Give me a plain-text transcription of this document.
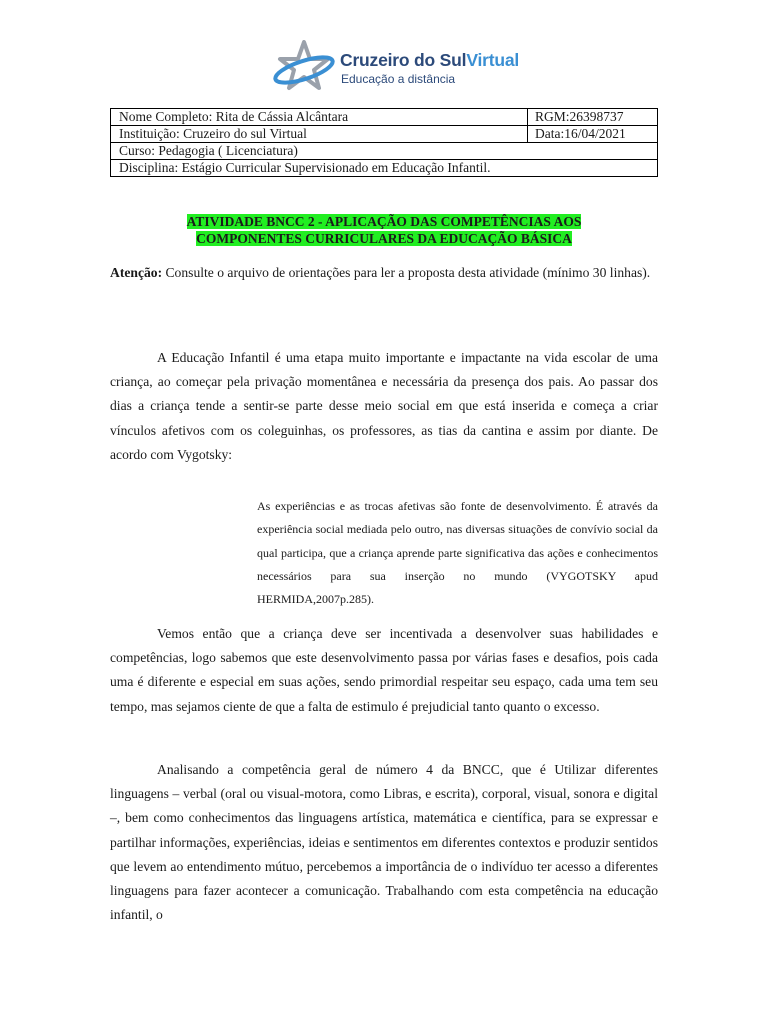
Cruzeiro do SulVirtual
Educação a distância
Nome Completo: Rita de Cássia Alcântara	RGM:26398737
Instituição: Cruzeiro do sul Virtual	Data:16/04/2021
Curso: Pedagogia ( Licenciatura)	
Disciplina: Estágio Curricular Supervisionado em Educação Infantil.	
ATIVIDADE BNCC 2 - APLICAÇÃO DAS COMPETÊNCIAS AOS
COMPONENTES CURRICULARES DA EDUCAÇÃO BÁSICA
Atenção: Consulte o arquivo de orientações para ler a proposta desta atividade (mínimo 30 linhas).
A Educação Infantil é uma etapa muito importante e impactante na vida escolar de uma criança, ao começar pela privação momentânea e necessária da presença dos pais. Ao passar dos dias a criança tende a sentir-se parte desse meio social em que está inserida e começa a criar vínculos afetivos com os coleguinhas, os professores, as tias da cantina e assim por diante. De acordo com Vygotsky:
As experiências e as trocas afetivas são fonte de desenvolvimento. É através da experiência social mediada pelo outro, nas diversas situações de convívio social da qual participa, que a criança aprende parte significativa das ações e conhecimentos necessários para sua inserção no mundo (VYGOTSKY apud HERMIDA,2007p.285).
Vemos então que a criança deve ser incentivada a desenvolver suas habilidades e competências, logo sabemos que este desenvolvimento passa por várias fases e desafios, pois cada uma é diferente e especial em suas ações, sendo primordial respeitar seu espaço, cada uma tem seu tempo, mas sejamos ciente de que a falta de estimulo é prejudicial tanto quanto o excesso.
Analisando a competência geral de número 4 da BNCC, que é Utilizar diferentes linguagens – verbal (oral ou visual-motora, como Libras, e escrita), corporal, visual, sonora e digital –, bem como conhecimentos das linguagens artística, matemática e científica, para se expressar e partilhar informações, experiências, ideias e sentimentos em diferentes contextos e produzir sentidos que levem ao entendimento mútuo, percebemos a importância de o indivíduo ter acesso a diferentes linguagens para fazer acontecer a comunicação. Trabalhando com esta competência na educação infantil, o
